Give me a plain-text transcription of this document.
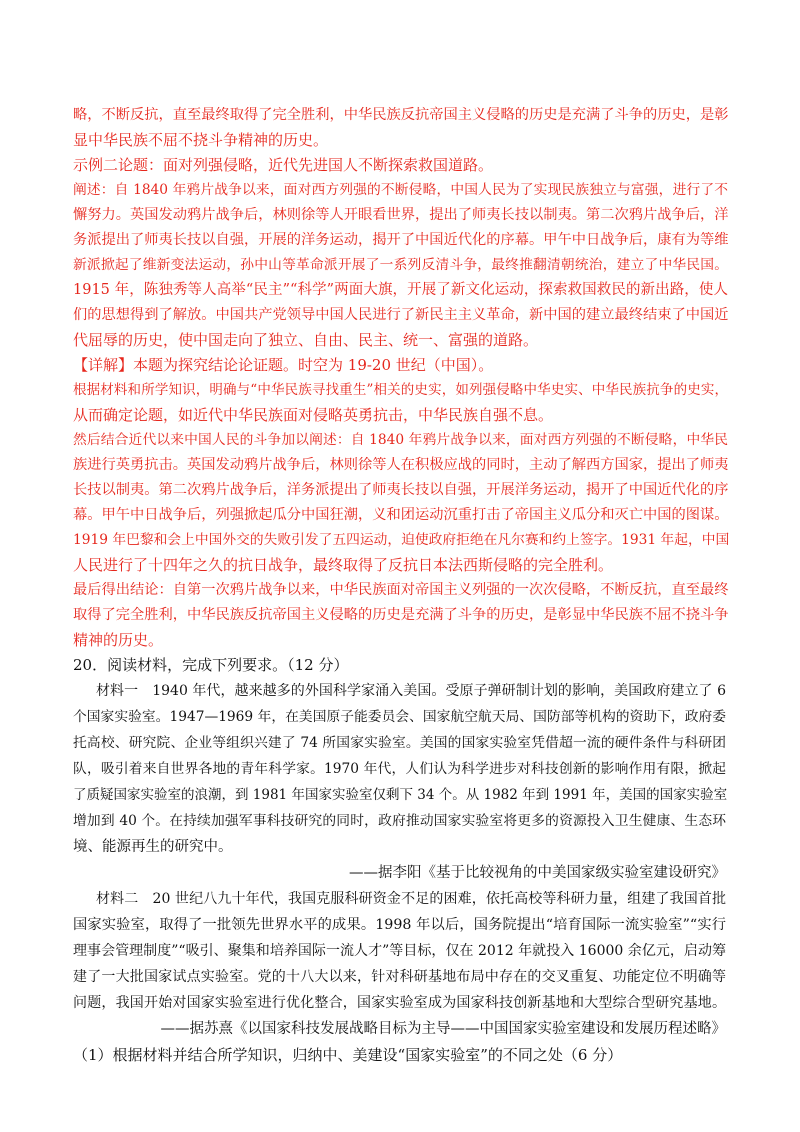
略，不断反抗，直至最终取得了完全胜利，中华民族反抗帝国主义侵略的历史是充满了斗争的历史，是彰
显中华民族不屈不挠斗争精神的历史。
示例二论题：面对列强侵略，近代先进国人不断探索救国道路。
阐述：自 1840 年鸦片战争以来，面对西方列强的不断侵略，中国人民为了实现民族独立与富强，进行了不
懈努力。英国发动鸦片战争后，林则徐等人开眼看世界，提出了师夷长技以制夷。第二次鸦片战争后，洋
务派提出了师夷长技以自强，开展的洋务运动，揭开了中国近代化的序幕。甲午中日战争后，康有为等维
新派掀起了维新变法运动，孙中山等革命派开展了一系列反清斗争，最终推翻清朝统治，建立了中华民国。
1915 年，陈独秀等人高举“民主”“科学”两面大旗，开展了新文化运动，探索救国救民的新出路，使人
们的思想得到了解放。中国共产党领导中国人民进行了新民主主义革命，新中国的建立最终结束了中国近
代屈辱的历史，使中国走向了独立、自由、民主、统一、富强的道路。
【详解】本题为探究结论论证题。时空为 19-20 世纪（中国）。
根据材料和所学知识，明确与“中华民族寻找重生”相关的史实，如列强侵略中华史实、中华民族抗争的史实，
从而确定论题，如近代中华民族面对侵略英勇抗击，中华民族自强不息。
然后结合近代以来中国人民的斗争加以阐述：自 1840 年鸦片战争以来，面对西方列强的不断侵略，中华民
族进行英勇抗击。英国发动鸦片战争后，林则徐等人在积极应战的同时，主动了解西方国家，提出了师夷
长技以制夷。第二次鸦片战争后，洋务派提出了师夷长技以自强，开展洋务运动，揭开了中国近代化的序
幕。甲午中日战争后，列强掀起瓜分中国狂潮，义和团运动沉重打击了帝国主义瓜分和灭亡中国的图谋。
1919 年巴黎和会上中国外交的失败引发了五四运动，迫使政府拒绝在凡尔赛和约上签字。1931 年起，中国
人民进行了十四年之久的抗日战争，最终取得了反抗日本法西斯侵略的完全胜利。
最后得出结论：自第一次鸦片战争以来，中华民族面对帝国主义列强的一次次侵略，不断反抗，直至最终
取得了完全胜利，中华民族反抗帝国主义侵略的历史是充满了斗争的历史，是彰显中华民族不屈不挠斗争
精神的历史。
20．阅读材料，完成下列要求。（12 分）
材料一　1940 年代，越来越多的外国科学家涌入美国。受原子弹研制计划的影响，美国政府建立了 6
个国家实验室。1947—1969 年，在美国原子能委员会、国家航空航天局、国防部等机构的资助下，政府委
托高校、研究院、企业等组织兴建了 74 所国家实验室。美国的国家实验室凭借超一流的硬件条件与科研团
队，吸引着来自世界各地的青年科学家。1970 年代，人们认为科学进步对科技创新的影响作用有限，掀起
了质疑国家实验室的浪潮，到 1981 年国家实验室仅剩下 34 个。从 1982 年到 1991 年，美国的国家实验室
增加到 40 个。在持续加强军事科技研究的同时，政府推动国家实验室将更多的资源投入卫生健康、生态环
境、能源再生的研究中。
——据李阳《基于比较视角的中美国家级实验室建设研究》
材料二　20 世纪八九十年代，我国克服科研资金不足的困难，依托高校等科研力量，组建了我国首批
国家实验室，取得了一批领先世界水平的成果。1998 年以后，国务院提出“培育国际一流实验室”“实行
理事会管理制度”“吸引、聚集和培养国际一流人才”等目标，仅在 2012 年就投入 16000 余亿元，启动筹
建了一大批国家试点实验室。党的十八大以来，针对科研基地布局中存在的交叉重复、功能定位不明确等
问题，我国开始对国家实验室进行优化整合，国家实验室成为国家科技创新基地和大型综合型研究基地。
——据苏熹《以国家科技发展战略目标为主导——中国国家实验室建设和发展历程述略》
（1）根据材料并结合所学知识，归纳中、美建设“国家实验室”的不同之处（6 分）
